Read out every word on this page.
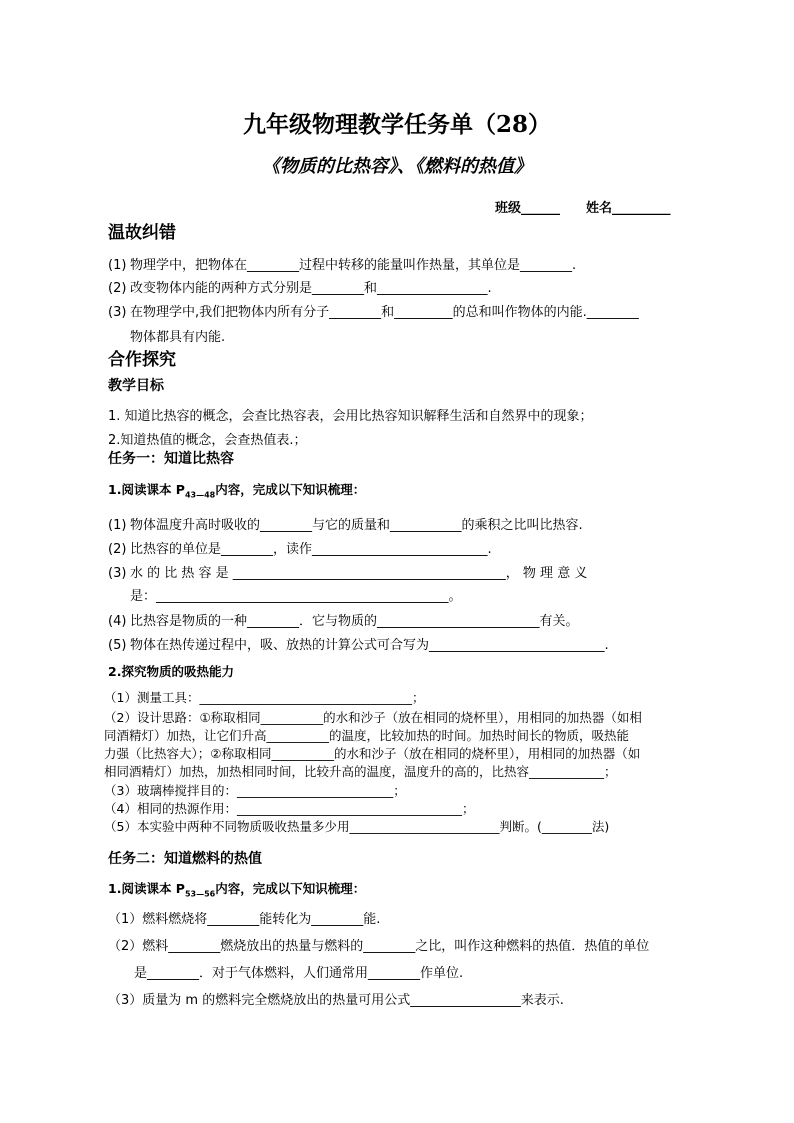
九年级物理教学任务单（28）
《物质的比热容》、《燃料的热值》
班级______ 姓名_________
温故纠错
(1) 物理学中，把物体在________过程中转移的能量叫作热量，其单位是________.
(2) 改变物体内能的两种方式分别是________和_________________.
(3) 在物理学中,我们把物体内所有分子________和_________的总和叫作物体的内能.________
物体都具有内能.
合作探究
教学目标
1. 知道比热容的概念，会查比热容表，会用比热容知识解释生活和自然界中的现象；
2.知道热值的概念，会查热值表.；
任务一：知道比热容
1.阅读课本 $P_{43—48}$内容，完成以下知识梳理：
(1) 物体温度升高时吸收的________与它的质量和___________的乘积之比叫比热容.
(2) 比热容的单位是________，读作___________________________.
(3) 水 的 比 热 容 是 __________________________________________， 物 理 意 义
是：_____________________________________________。
(4) 比热容是物质的一种________．它与物质的_________________________有关。
(5) 物体在热传递过程中，吸、放热的计算公式可合写为___________________________.
2.探究物质的吸热能力
（1）测量工具：__________________________________；
（2）设计思路：①称取相同__________的水和沙子（放在相同的烧杯里），用相同的加热器（如相
同酒精灯）加热，让它们升高__________的温度，比较加热的时间。加热时间长的物质，吸热能
力强（比热容大）；②称取相同__________的水和沙子（放在相同的烧杯里），用相同的加热器（如
相同酒精灯）加热，加热相同时间，比较升高的温度，温度升的高的，比热容____________；
（3）玻璃棒搅拌目的：_________________________；
（4）相同的热源作用：____________________________________；
（5）本实验中两种不同物质吸收热量多少用________________________判断。(________法)
任务二：知道燃料的热值
1.阅读课本 $P_{53—56}$内容，完成以下知识梳理：
（1）燃料燃烧将________能转化为________能.
（2）燃料________燃烧放出的热量与燃料的________之比，叫作这种燃料的热值．热值的单位
是________．对于气体燃料，人们通常用________作单位.
（3）质量为 m 的燃料完全燃烧放出的热量可用公式_________________来表示.
